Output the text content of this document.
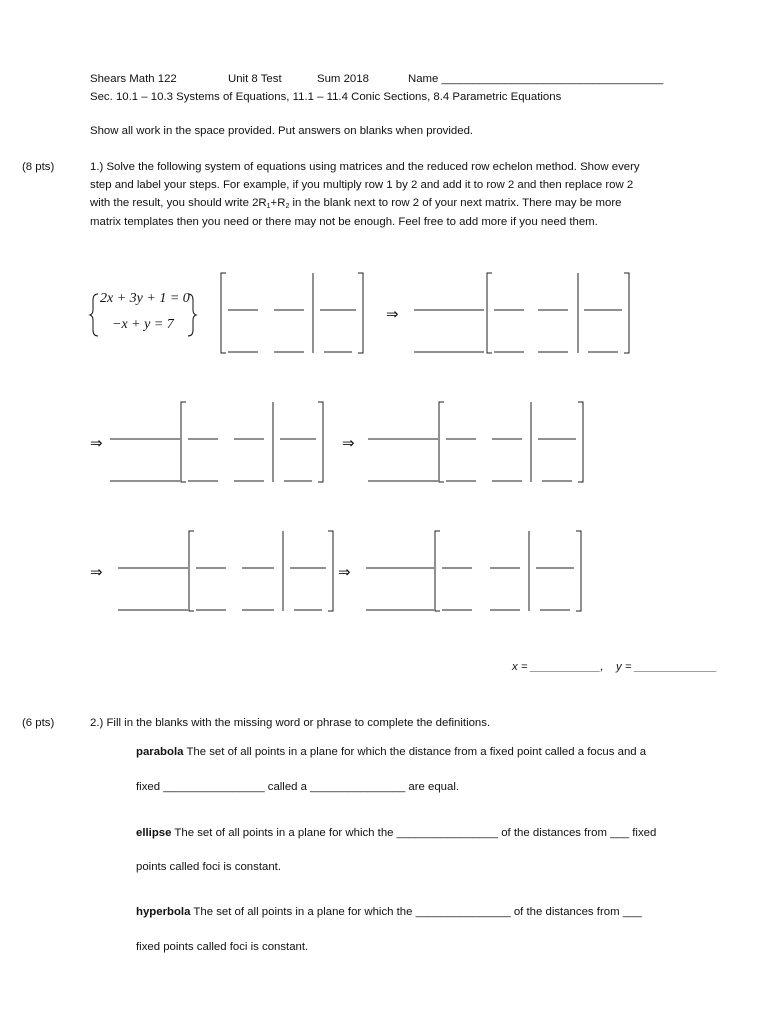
Shears Math 122	Unit 8 Test	Sum 2018	Name ___________________________________
Sec. 10.1 – 10.3 Systems of Equations, 11.1 – 11.4 Conic Sections, 8.4 Parametric Equations
Show all work in the space provided. Put answers on blanks when provided.
(8 pts)	1.) Solve the following system of equations using matrices and the reduced row echelon method. Show every
step and label your steps. For example, if you multiply row 1 by 2 and add it to row 2 and then replace row 2
with the result, you should write $2R_1+R_2$ in the blank next to row 2 of your next matrix. There may be more
matrix templates then you need or there may not be enough. Feel free to add more if you need them.
2x + 3y + 1 = 0
−x + y = 7
⇒
⇒	⇒
⇒	⇒
x = ___________, y = _____________
(6 pts)	2.) Fill in the blanks with the missing word or phrase to complete the definitions.
parabola The set of all points in a plane for which the distance from a fixed point called a focus and a
fixed ________________ called a _______________ are equal.
ellipse The set of all points in a plane for which the ________________ of the distances from ___ fixed
points called foci is constant.
hyperbola The set of all points in a plane for which the _______________ of the distances from ___
fixed points called foci is constant.
